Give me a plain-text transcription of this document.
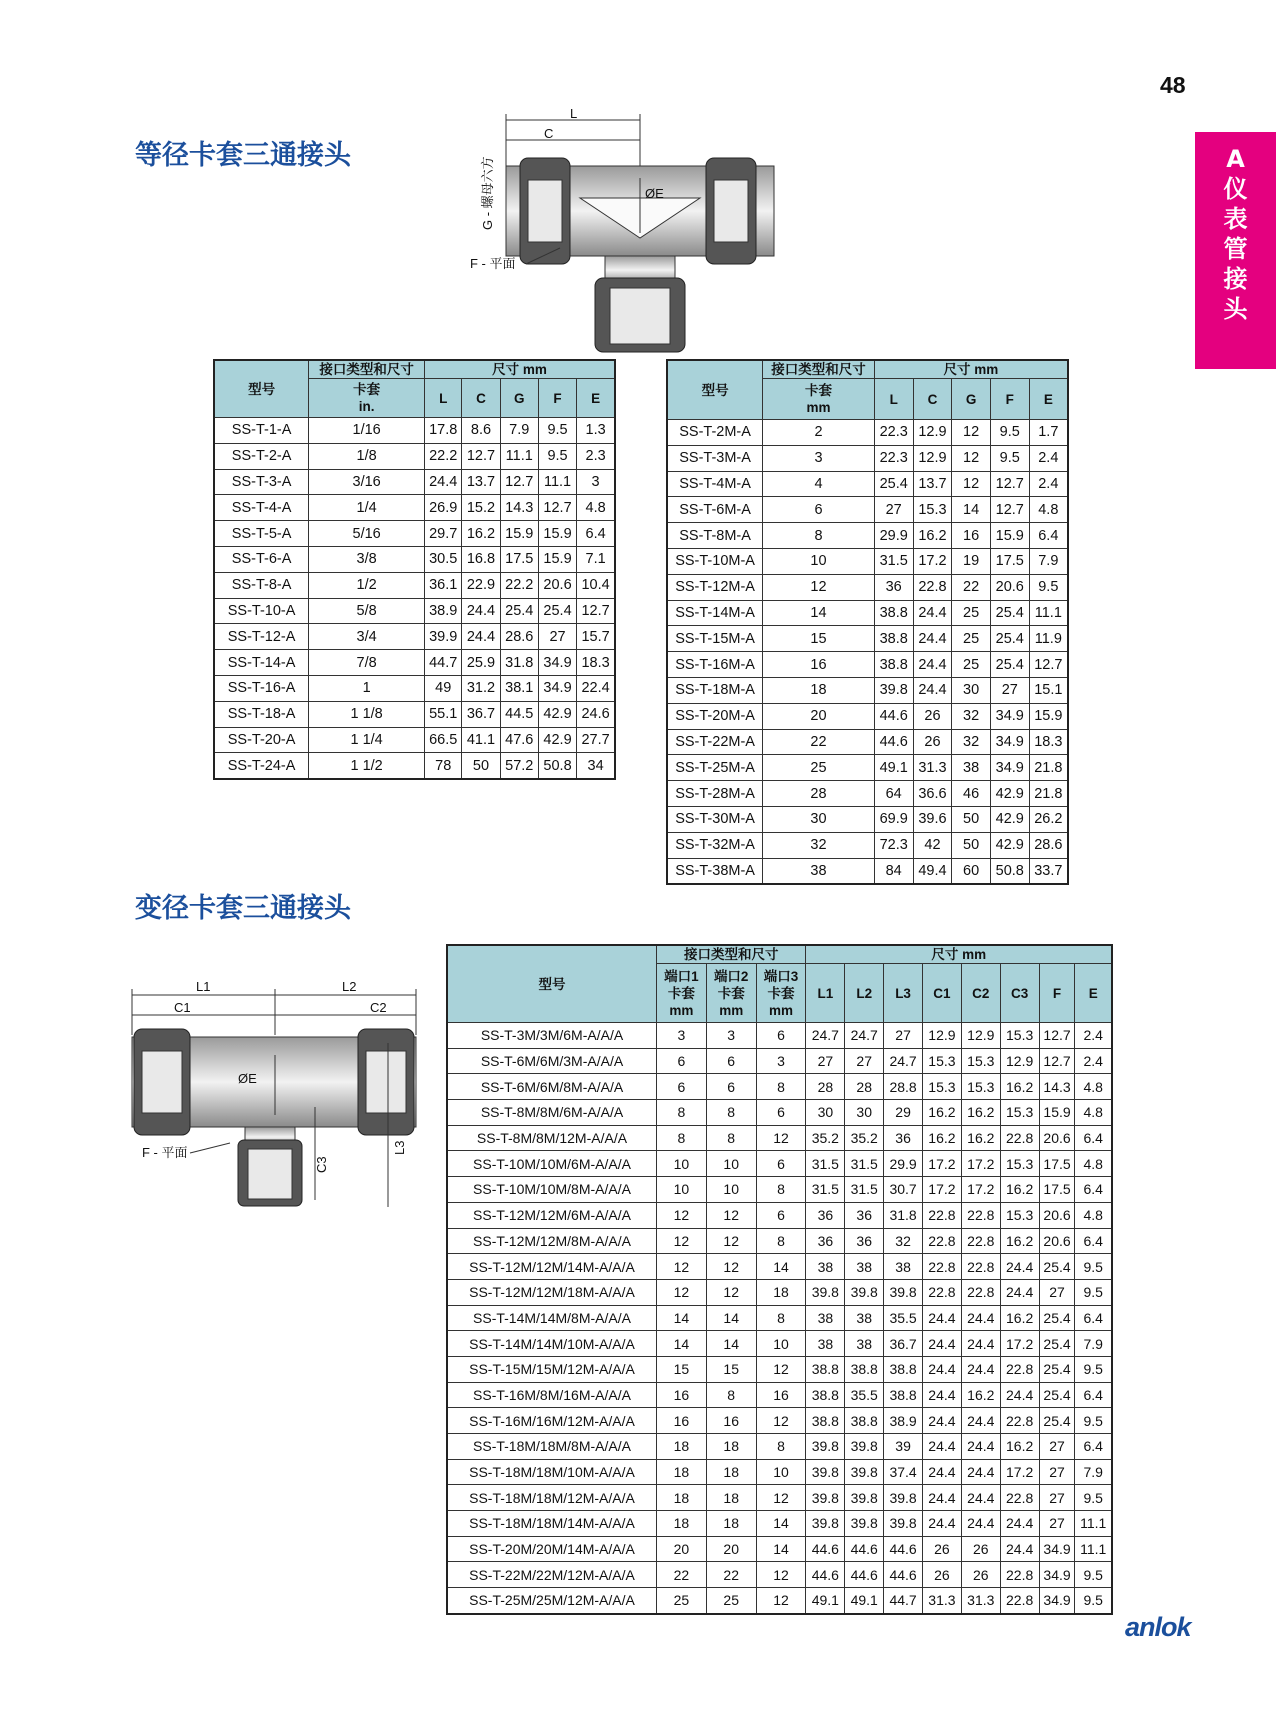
48
A
仪
表
管
接
头
等径卡套三通接头
变径卡套三通接头
L
C
ØE
G - 螺母六方
F - 平面
L1	L2
C1	C2
ØE
F - 平面
C3
L3
型号	接口类型和尺寸	尺寸 mm				
	卡套
in.	L	C	G	F	E
SS-T-1-A	1/16	17.8	8.6	7.9	9.5	1.3
SS-T-2-A	1/8	22.2	12.7	11.1	9.5	2.3
SS-T-3-A	3/16	24.4	13.7	12.7	11.1	3
SS-T-4-A	1/4	26.9	15.2	14.3	12.7	4.8
SS-T-5-A	5/16	29.7	16.2	15.9	15.9	6.4
SS-T-6-A	3/8	30.5	16.8	17.5	15.9	7.1
SS-T-8-A	1/2	36.1	22.9	22.2	20.6	10.4
SS-T-10-A	5/8	38.9	24.4	25.4	25.4	12.7
SS-T-12-A	3/4	39.9	24.4	28.6	27	15.7
SS-T-14-A	7/8	44.7	25.9	31.8	34.9	18.3
SS-T-16-A	1	49	31.2	38.1	34.9	22.4
SS-T-18-A	1 1/8	55.1	36.7	44.5	42.9	24.6
SS-T-20-A	1 1/4	66.5	41.1	47.6	42.9	27.7
SS-T-24-A	1 1/2	78	50	57.2	50.8	34
型号	接口类型和尺寸	尺寸 mm				
	卡套
mm	L	C	G	F	E
SS-T-2M-A	2	22.3	12.9	12	9.5	1.7
SS-T-3M-A	3	22.3	12.9	12	9.5	2.4
SS-T-4M-A	4	25.4	13.7	12	12.7	2.4
SS-T-6M-A	6	27	15.3	14	12.7	4.8
SS-T-8M-A	8	29.9	16.2	16	15.9	6.4
SS-T-10M-A	10	31.5	17.2	19	17.5	7.9
SS-T-12M-A	12	36	22.8	22	20.6	9.5
SS-T-14M-A	14	38.8	24.4	25	25.4	11.1
SS-T-15M-A	15	38.8	24.4	25	25.4	11.9
SS-T-16M-A	16	38.8	24.4	25	25.4	12.7
SS-T-18M-A	18	39.8	24.4	30	27	15.1
SS-T-20M-A	20	44.6	26	32	34.9	15.9
SS-T-22M-A	22	44.6	26	32	34.9	18.3
SS-T-25M-A	25	49.1	31.3	38	34.9	21.8
SS-T-28M-A	28	64	36.6	46	42.9	21.8
SS-T-30M-A	30	69.9	39.6	50	42.9	26.2
SS-T-32M-A	32	72.3	42	50	42.9	28.6
SS-T-38M-A	38	84	49.4	60	50.8	33.7
型号	接口类型和尺寸			尺寸 mm							
	端口1
卡套
mm	端口2
卡套
mm	端口3
卡套
mm	L1	L2	L3	C1	C2	C3	F	E
SS-T-3M/3M/6M-A/A/A	3	3	6	24.7	24.7	27	12.9	12.9	15.3	12.7	2.4
SS-T-6M/6M/3M-A/A/A	6	6	3	27	27	24.7	15.3	15.3	12.9	12.7	2.4
SS-T-6M/6M/8M-A/A/A	6	6	8	28	28	28.8	15.3	15.3	16.2	14.3	4.8
SS-T-8M/8M/6M-A/A/A	8	8	6	30	30	29	16.2	16.2	15.3	15.9	4.8
SS-T-8M/8M/12M-A/A/A	8	8	12	35.2	35.2	36	16.2	16.2	22.8	20.6	6.4
SS-T-10M/10M/6M-A/A/A	10	10	6	31.5	31.5	29.9	17.2	17.2	15.3	17.5	4.8
SS-T-10M/10M/8M-A/A/A	10	10	8	31.5	31.5	30.7	17.2	17.2	16.2	17.5	6.4
SS-T-12M/12M/6M-A/A/A	12	12	6	36	36	31.8	22.8	22.8	15.3	20.6	4.8
SS-T-12M/12M/8M-A/A/A	12	12	8	36	36	32	22.8	22.8	16.2	20.6	6.4
SS-T-12M/12M/14M-A/A/A	12	12	14	38	38	38	22.8	22.8	24.4	25.4	9.5
SS-T-12M/12M/18M-A/A/A	12	12	18	39.8	39.8	39.8	22.8	22.8	24.4	27	9.5
SS-T-14M/14M/8M-A/A/A	14	14	8	38	38	35.5	24.4	24.4	16.2	25.4	6.4
SS-T-14M/14M/10M-A/A/A	14	14	10	38	38	36.7	24.4	24.4	17.2	25.4	7.9
SS-T-15M/15M/12M-A/A/A	15	15	12	38.8	38.8	38.8	24.4	24.4	22.8	25.4	9.5
SS-T-16M/8M/16M-A/A/A	16	8	16	38.8	35.5	38.8	24.4	16.2	24.4	25.4	6.4
SS-T-16M/16M/12M-A/A/A	16	16	12	38.8	38.8	38.9	24.4	24.4	22.8	25.4	9.5
SS-T-18M/18M/8M-A/A/A	18	18	8	39.8	39.8	39	24.4	24.4	16.2	27	6.4
SS-T-18M/18M/10M-A/A/A	18	18	10	39.8	39.8	37.4	24.4	24.4	17.2	27	7.9
SS-T-18M/18M/12M-A/A/A	18	18	12	39.8	39.8	39.8	24.4	24.4	22.8	27	9.5
SS-T-18M/18M/14M-A/A/A	18	18	14	39.8	39.8	39.8	24.4	24.4	24.4	27	11.1
SS-T-20M/20M/14M-A/A/A	20	20	14	44.6	44.6	44.6	26	26	24.4	34.9	11.1
SS-T-22M/22M/12M-A/A/A	22	22	12	44.6	44.6	44.6	26	26	22.8	34.9	9.5
SS-T-25M/25M/12M-A/A/A	25	25	12	49.1	49.1	44.7	31.3	31.3	22.8	34.9	9.5
anlok
